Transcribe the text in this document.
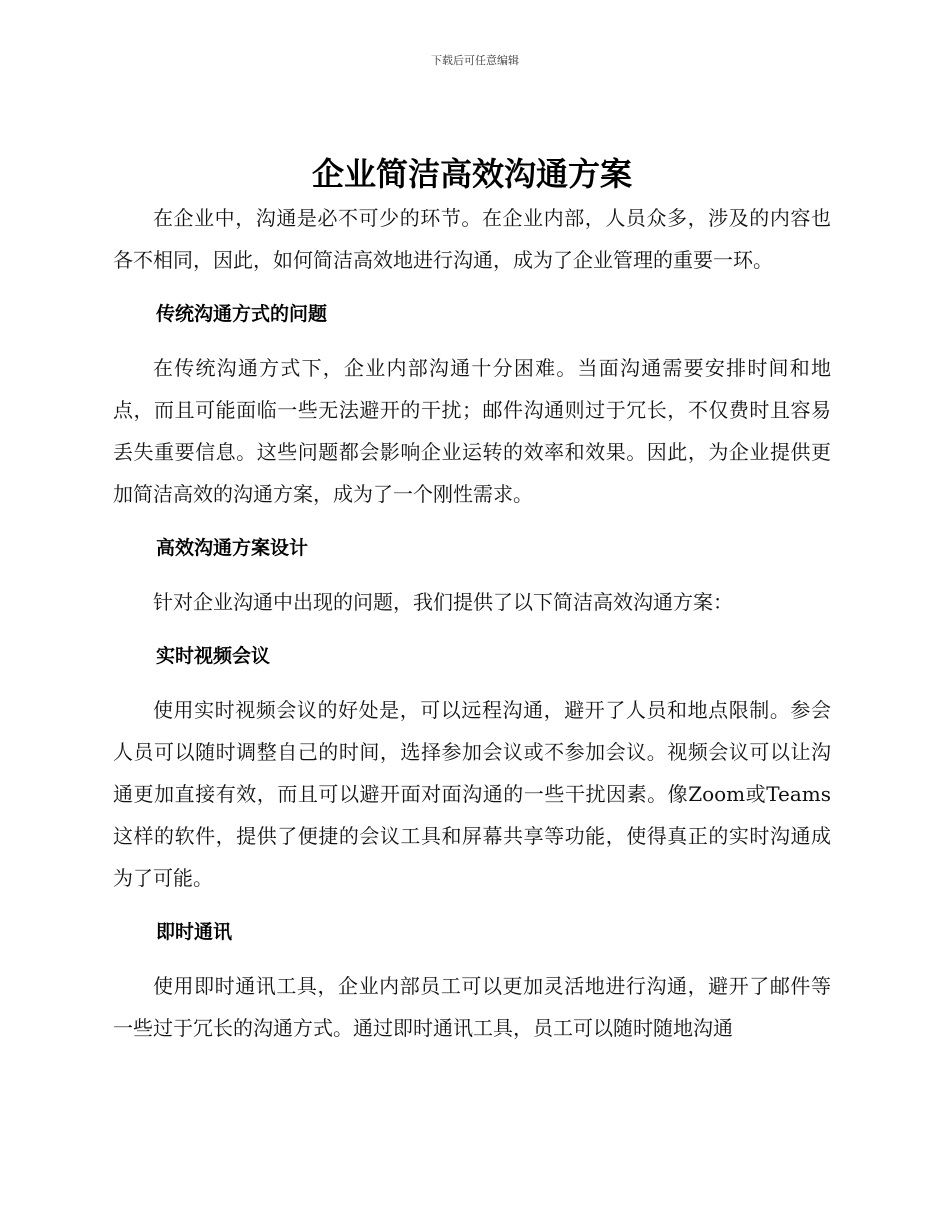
下载后可任意编辑
企业简洁高效沟通方案

在企业中，沟通是必不可少的环节。在企业内部，人员众多，涉及的内容也各不相同，因此，如何简洁高效地进行沟通，成为了企业管理的重要一环。

传统沟通方式的问题

在传统沟通方式下，企业内部沟通十分困难。当面沟通需要安排时间和地点，而且可能面临一些无法避开的干扰；邮件沟通则过于冗长，不仅费时且容易丢失重要信息。这些问题都会影响企业运转的效率和效果。因此，为企业提供更加简洁高效的沟通方案，成为了一个刚性需求。

高效沟通方案设计

针对企业沟通中出现的问题，我们提供了以下简洁高效沟通方案：

实时视频会议

使用实时视频会议的好处是，可以远程沟通，避开了人员和地点限制。参会人员可以随时调整自己的时间，选择参加会议或不参加会议。视频会议可以让沟通更加直接有效，而且可以避开面对面沟通的一些干扰因素。像Zoom或Teams这样的软件，提供了便捷的会议工具和屏幕共享等功能，使得真正的实时沟通成为了可能。

即时通讯

使用即时通讯工具，企业内部员工可以更加灵活地进行沟通，避开了邮件等一些过于冗长的沟通方式。通过即时通讯工具，员工可以随时随地沟通
